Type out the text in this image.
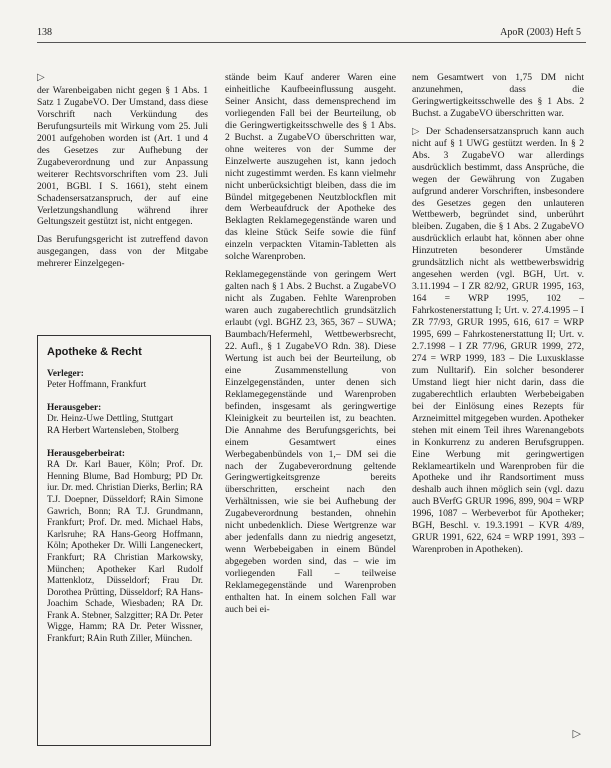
138	ApoR (2003) Heft 5
▷

der Warenbeigaben nicht gegen § 1 Abs. 1 Satz 1 ZugabeVO. Der Umstand, dass diese Vorschrift nach Verkündung des Berufungsurteils mit Wirkung vom 25. Juli 2001 aufgehoben worden ist (Art. 1 und 4 des Gesetzes zur Aufhebung der Zugabeverordnung und zur Anpassung weiterer Rechtsvorschriften vom 23. Juli 2001, BGBl. I S. 1661), steht einem Schadensersatzanspruch, der auf eine Verletzungshandlung während ihrer Geltungszeit gestützt ist, nicht entgegen.

Das Berufungsgericht ist zutreffend davon ausgegangen, dass von der Mitgabe mehrerer Einzelgegen-

Apotheke & Recht
Verleger:
Peter Hoffmann, Frankfurt
Herausgeber:
Dr. Heinz-Uwe Dettling, Stuttgart
RA Herbert Wartensleben, Stolberg
Herausgeberbeirat:
RA Dr. Karl Bauer, Köln; Prof. Dr. Henning Blume, Bad Homburg; PD Dr. iur. Dr. med. Christian Dierks, Berlin; RA T.J. Doepner, Düsseldorf; RAin Simone Gawrich, Bonn; RA T.J. Grundmann, Frankfurt; Prof. Dr. med. Michael Habs, Karlsruhe; RA Hans-Georg Hoffmann, Köln; Apotheker Dr. Willi Langeneckert, Frankfurt; RA Christian Markowsky, München; Apotheker Karl Rudolf Mattenklotz, Düsseldorf; Frau Dr. Dorothea Prütting, Düsseldorf; RA Hans-Joachim Schade, Wiesbaden; RA Dr. Frank A. Stebner, Salzgitter; RA Dr. Peter Wigge, Hamm; RA Dr. Peter Wissner, Frankfurt; RAin Ruth Ziller, München.

stände beim Kauf anderer Waren eine einheitliche Kaufbeeinflussung ausgeht. Seiner Ansicht, dass demensprechend im vorliegenden Fall bei der Beurteilung, ob die Geringwertigkeitsschwelle des § 1 Abs. 2 Buchst. a ZugabeVO überschritten war, ohne weiteres von der Summe der Einzelwerte auszugehen ist, kann jedoch nicht zugestimmt werden. Es kann vielmehr nicht unberücksichtigt bleiben, dass die im Bündel mitgegebenen Neutzblockflen mit dem Werbeaufdruck der Apotheke des Beklagten Reklamegegenstände waren und das kleine Stück Seife sowie die fünf einzeln verpackten Vitamin-Tabletten als solche Warenproben.

Reklamegegenstände von geringem Wert galten nach § 1 Abs. 2 Buchst. a ZugabeVO nicht als Zugaben. Fehlte Warenproben waren auch zugaberechtlich grundsätzlich erlaubt (vgl. BGHZ 23, 365, 367 – SUWA; Baumbach/Hefermehl, Wettbewerbsrecht, 22. Aufl., § 1 ZugabeVO Rdn. 38). Diese Wertung ist auch bei der Beurteilung, ob eine Zusammenstellung von Einzelgegenständen, unter denen sich Reklamegegenstände und Warenproben befinden, insgesamt als geringwertige Kleinigkeit zu beurteilen ist, zu beachten. Die Annahme des Berufungsgerichts, bei einem Gesamtwert eines Werbegabenbündels von 1,– DM sei die nach der Zugabeverordnung geltende Geringwertigkeitsgrenze bereits überschritten, erscheint nach den Verhältnissen, wie sie bei Aufhebung der Zugabeverordnung bestanden, ohnehin nicht unbedenklich. Diese Wertgrenze war aber jedenfalls dann zu niedrig angesetzt, wenn Werbebeigaben in einem Bündel abgegeben worden sind, das – wie im vorliegenden Fall – teilweise Reklamegegenstände und Warenproben enthalten hat. In einem solchen Fall war auch bei ei-

nem Gesamtwert von 1,75 DM nicht anzunehmen, dass die Geringwertigkeitsschwelle des § 1 Abs. 2 Buchst. a ZugabeVO überschritten war.

▷ Der Schadensersatzanspruch kann auch nicht auf § 1 UWG gestützt werden. In § 2 Abs. 3 ZugabeVO war allerdings ausdrücklich bestimmt, dass Ansprüche, die wegen der Gewährung von Zugaben aufgrund anderer Vorschriften, insbesondere des Gesetzes gegen den unlauteren Wettbewerb, begründet sind, unberührt bleiben. Zugaben, die § 1 Abs. 2 ZugabeVO ausdrücklich erlaubt hat, können aber ohne Hinzutreten besonderer Umstände grundsätzlich nicht als wettbewerbswidrig angesehen werden (vgl. BGH, Urt. v. 3.11.1994 – I ZR 82/92, GRUR 1995, 163, 164 = WRP 1995, 102 – Fahrkostenerstattung I; Urt. v. 27.4.1995 – I ZR 77/93, GRUR 1995, 616, 617 = WRP 1995, 699 – Fahrkostenerstattung II; Urt. v. 2.7.1998 – I ZR 77/96, GRUR 1999, 272, 274 = WRP 1999, 183 – Die Luxusklasse zum Nulltarif). Ein solcher besonderer Umstand liegt hier nicht darin, dass die zugaberechtlich erlaubten Werbebeigaben bei der Einlösung eines Rezepts für Arzneimittel mitgegeben wurden. Apotheker stehen mit einem Teil ihres Warenangebots in Konkurrenz zu anderen Berufsgruppen. Eine Werbung mit geringwertigen Reklameartikeln und Warenproben für die Apotheke und ihr Randsortiment muss deshalb auch ihnen möglich sein (vgl. dazu auch BVerfG GRUR 1996, 899, 904 = WRP 1996, 1087 – Werbeverbot für Apotheker; BGH, Beschl. v. 19.3.1991 – KVR 4/89, GRUR 1991, 622, 624 = WRP 1991, 393 – Warenproben in Apotheken).

▷
